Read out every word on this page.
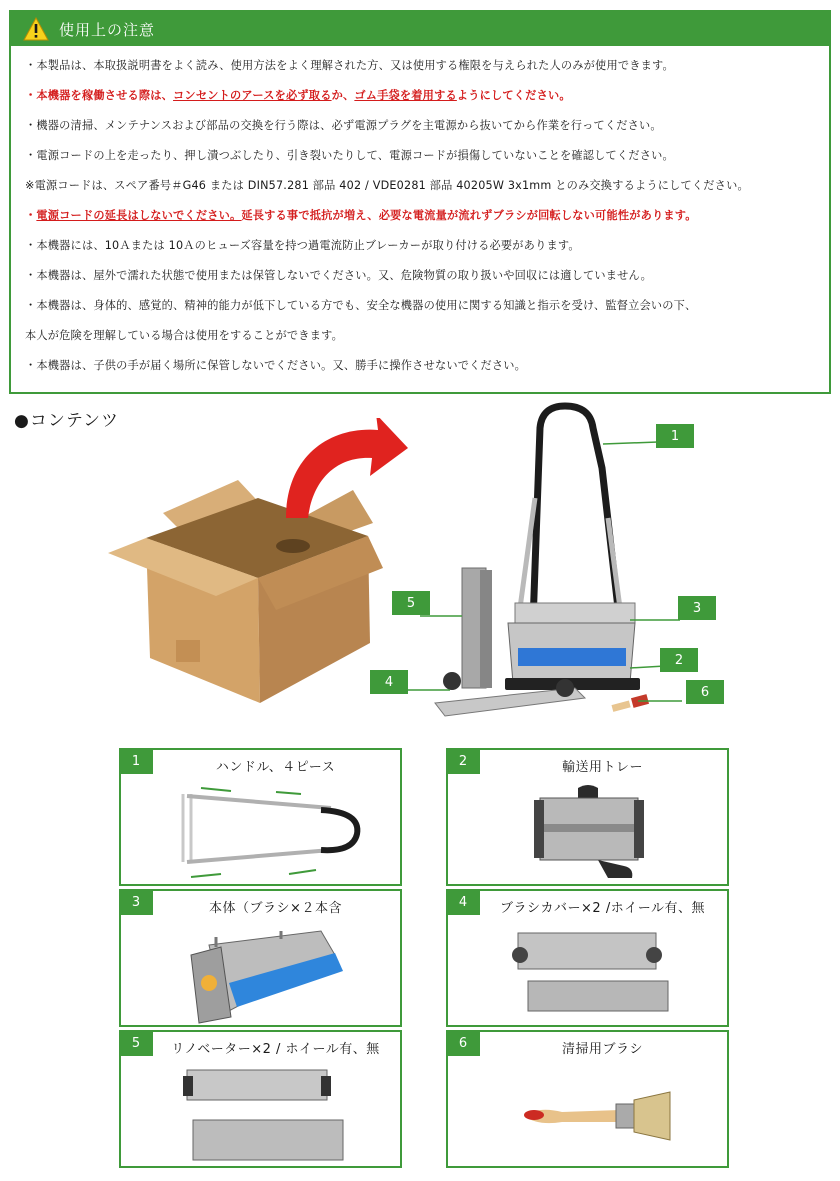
使用上の注意
・本製品は、本取扱説明書をよく読み、使用方法をよく理解された方、又は使用する権限を与えられた人のみが使用できます。
・本機器を稼働させる際は、コンセントのアースを必ず取るか、ゴム手袋を着用するようにしてください。
・機器の清掃、メンテナンスおよび部品の交換を行う際は、必ず電源プラグを主電源から抜いてから作業を行ってください。
・電源コードの上を走ったり、押し潰つぶしたり、引き裂いたりして、電源コードが損傷していないことを確認してください。
※電源コードは、スペア番号＃G46 または DIN57.281 部品 402 / VDE0281 部品 40205W 3x1mm とのみ交換するようにしてください。
・電源コードの延長はしないでください。延長する事で抵抗が増え、必要な電流量が流れずブラシが回転しない可能性があります。
・本機器には、10Ａまたは 10Ａのヒューズ容量を持つ過電流防止ブレーカーが取り付ける必要があります。
・本機器は、屋外で濡れた状態で使用または保管しないでください。又、危険物質の取り扱いや回収には適していません。
・本機器は、身体的、感覚的、精神的能力が低下している方でも、安全な機器の使用に関する知識と指示を受け、監督立会いの下、
本人が危険を理解している場合は使用をすることができます。
・本機器は、子供の手が届く場所に保管しないでください。又、勝手に操作させないでください。
●コンテンツ
1
2
3
4
5
6
1	ハンドル、４ピース	2	輸送用トレー
3	本体（ブラシ×２本含	4	ブラシカバー×2 /ホイール有、無
5	リノベーター×2 / ホイール有、無	6	清掃用ブラシ
